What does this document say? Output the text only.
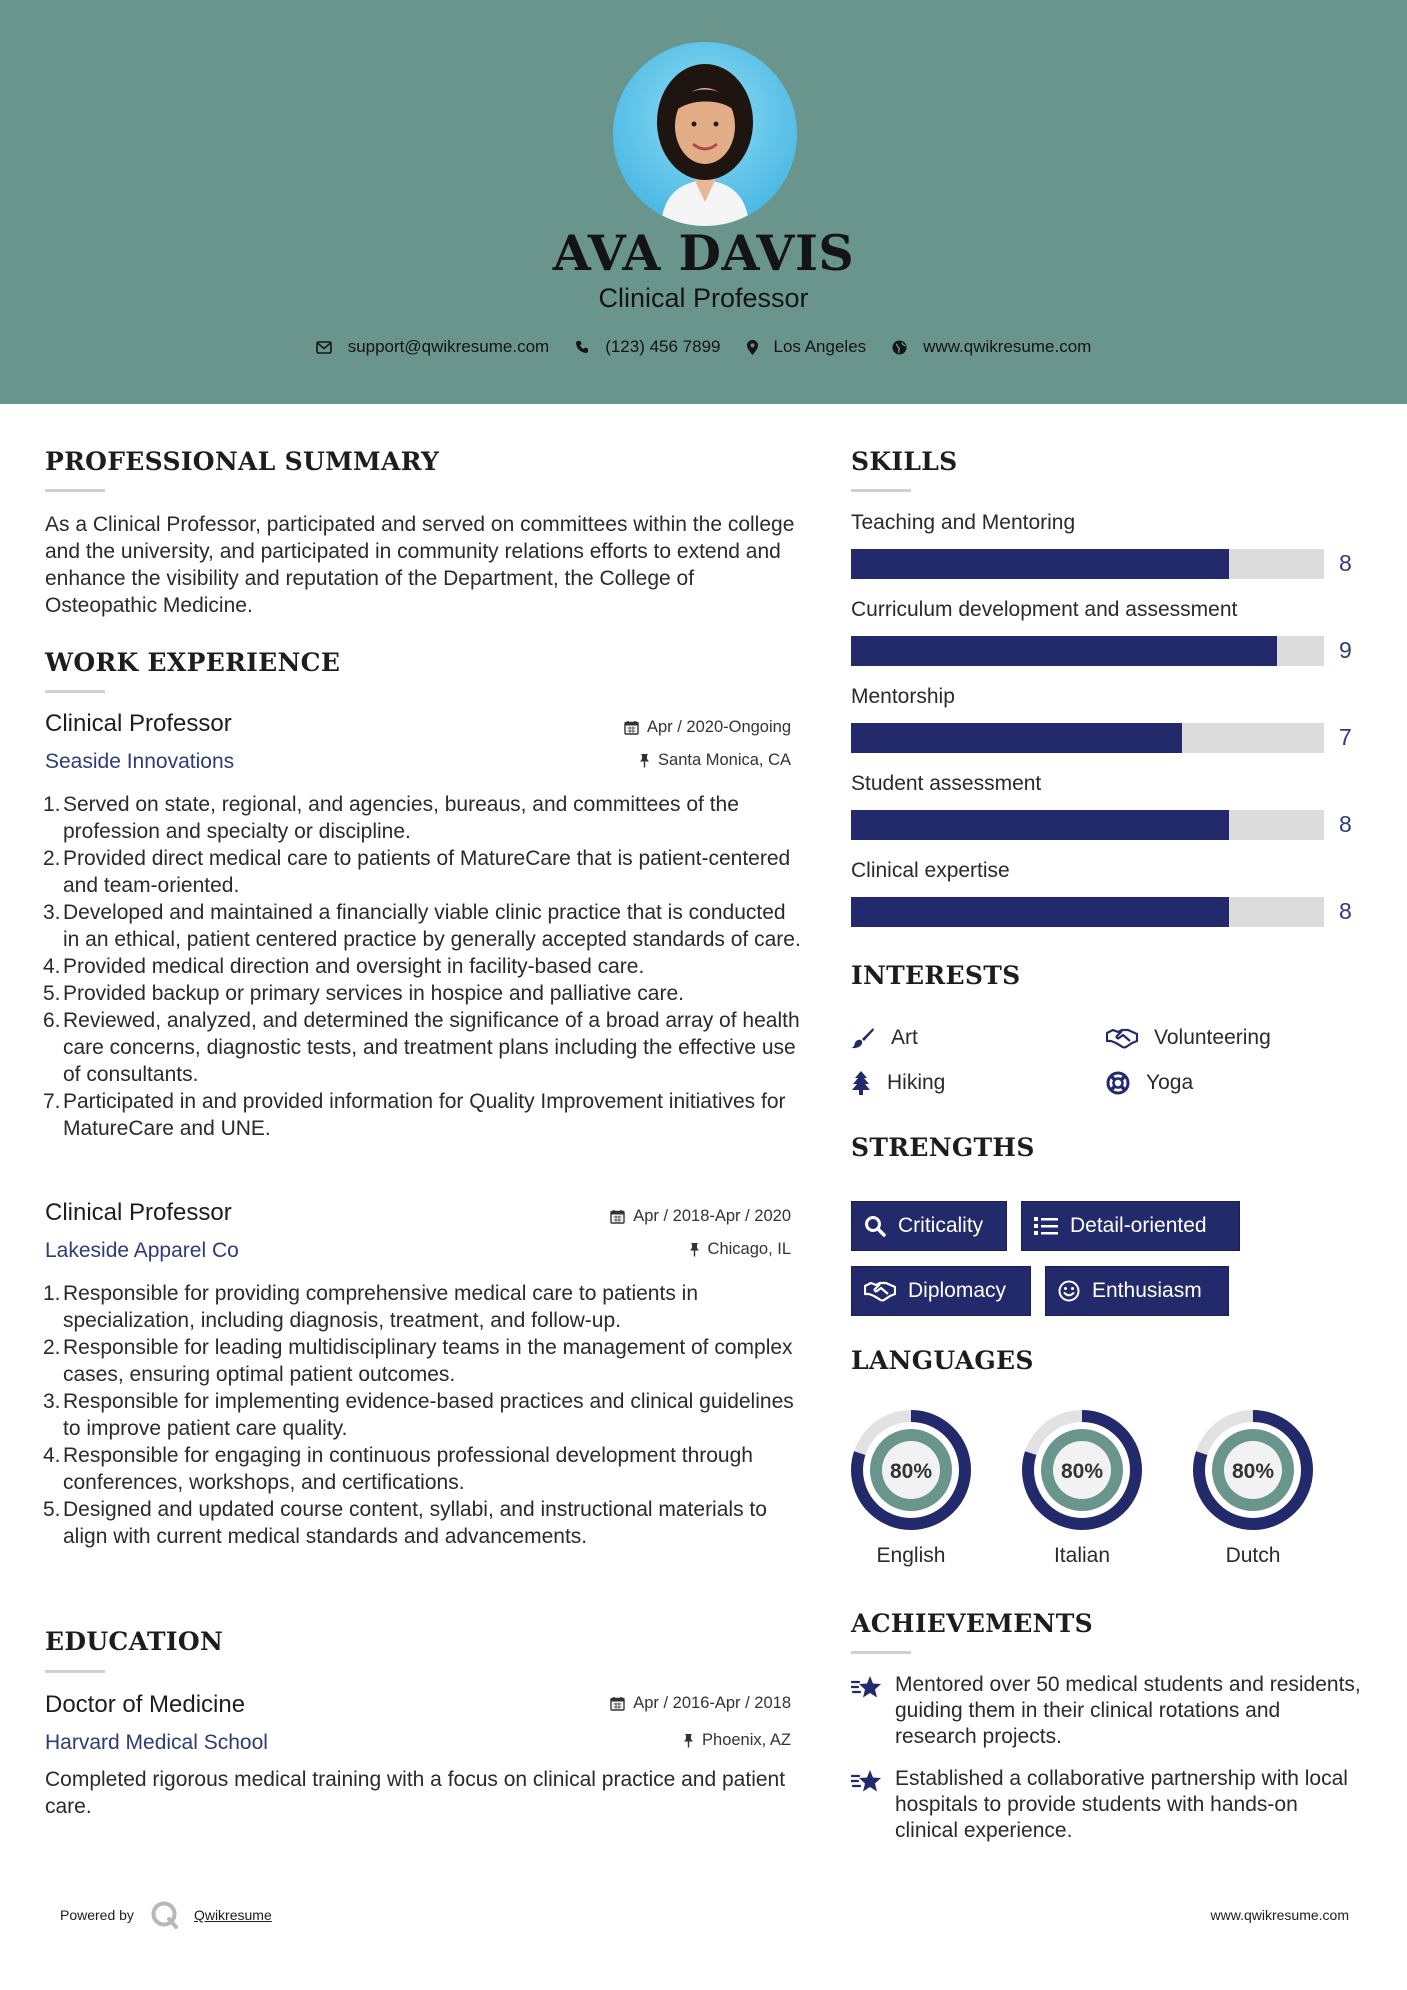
AVA DAVIS
Clinical Professor
support@qwikresume.com	(123) 456 7899	Los Angeles	www.qwikresume.com
PROFESSIONAL SUMMARY
As a Clinical Professor, participated and served on committees within the college and the university, and participated in community relations efforts to extend and enhance the visibility and reputation of the Department, the College of Osteopathic Medicine.
WORK EXPERIENCE
Clinical Professor	Apr / 2020-Ongoing
Seaside Innovations	Santa Monica, CA
1. Served on state, regional, and agencies, bureaus, and committees of the profession and specialty or discipline.
2. Provided direct medical care to patients of MatureCare that is patient-centered and team-oriented.
3. Developed and maintained a financially viable clinic practice that is conducted in an ethical, patient centered practice by generally accepted standards of care.
4. Provided medical direction and oversight in facility-based care.
5. Provided backup or primary services in hospice and palliative care.
6. Reviewed, analyzed, and determined the significance of a broad array of health care concerns, diagnostic tests, and treatment plans including the effective use of consultants.
7. Participated in and provided information for Quality Improvement initiatives for MatureCare and UNE.
Clinical Professor	Apr / 2018-Apr / 2020
Lakeside Apparel Co	Chicago, IL
1. Responsible for providing comprehensive medical care to patients in specialization, including diagnosis, treatment, and follow-up.
2. Responsible for leading multidisciplinary teams in the management of complex cases, ensuring optimal patient outcomes.
3. Responsible for implementing evidence-based practices and clinical guidelines to improve patient care quality.
4. Responsible for engaging in continuous professional development through conferences, workshops, and certifications.
5. Designed and updated course content, syllabi, and instructional materials to align with current medical standards and advancements.
EDUCATION
Doctor of Medicine	Apr / 2016-Apr / 2018
Harvard Medical School	Phoenix, AZ
Completed rigorous medical training with a focus on clinical practice and patient care.
SKILLS
Teaching and Mentoring
8
Curriculum development and assessment
9
Mentorship
7
Student assessment
8
Clinical expertise
8
INTERESTS
Art	Volunteering
Hiking	Yoga
STRENGTHS
Criticality	Detail-oriented
Diplomacy	Enthusiasm
LANGUAGES
80%
English
80%
Italian
80%
Dutch
ACHIEVEMENTS
Mentored over 50 medical students and residents, guiding them in their clinical rotations and research projects.
Established a collaborative partnership with local hospitals to provide students with hands-on clinical experience.
Powered by	Qwikresume	www.qwikresume.com
